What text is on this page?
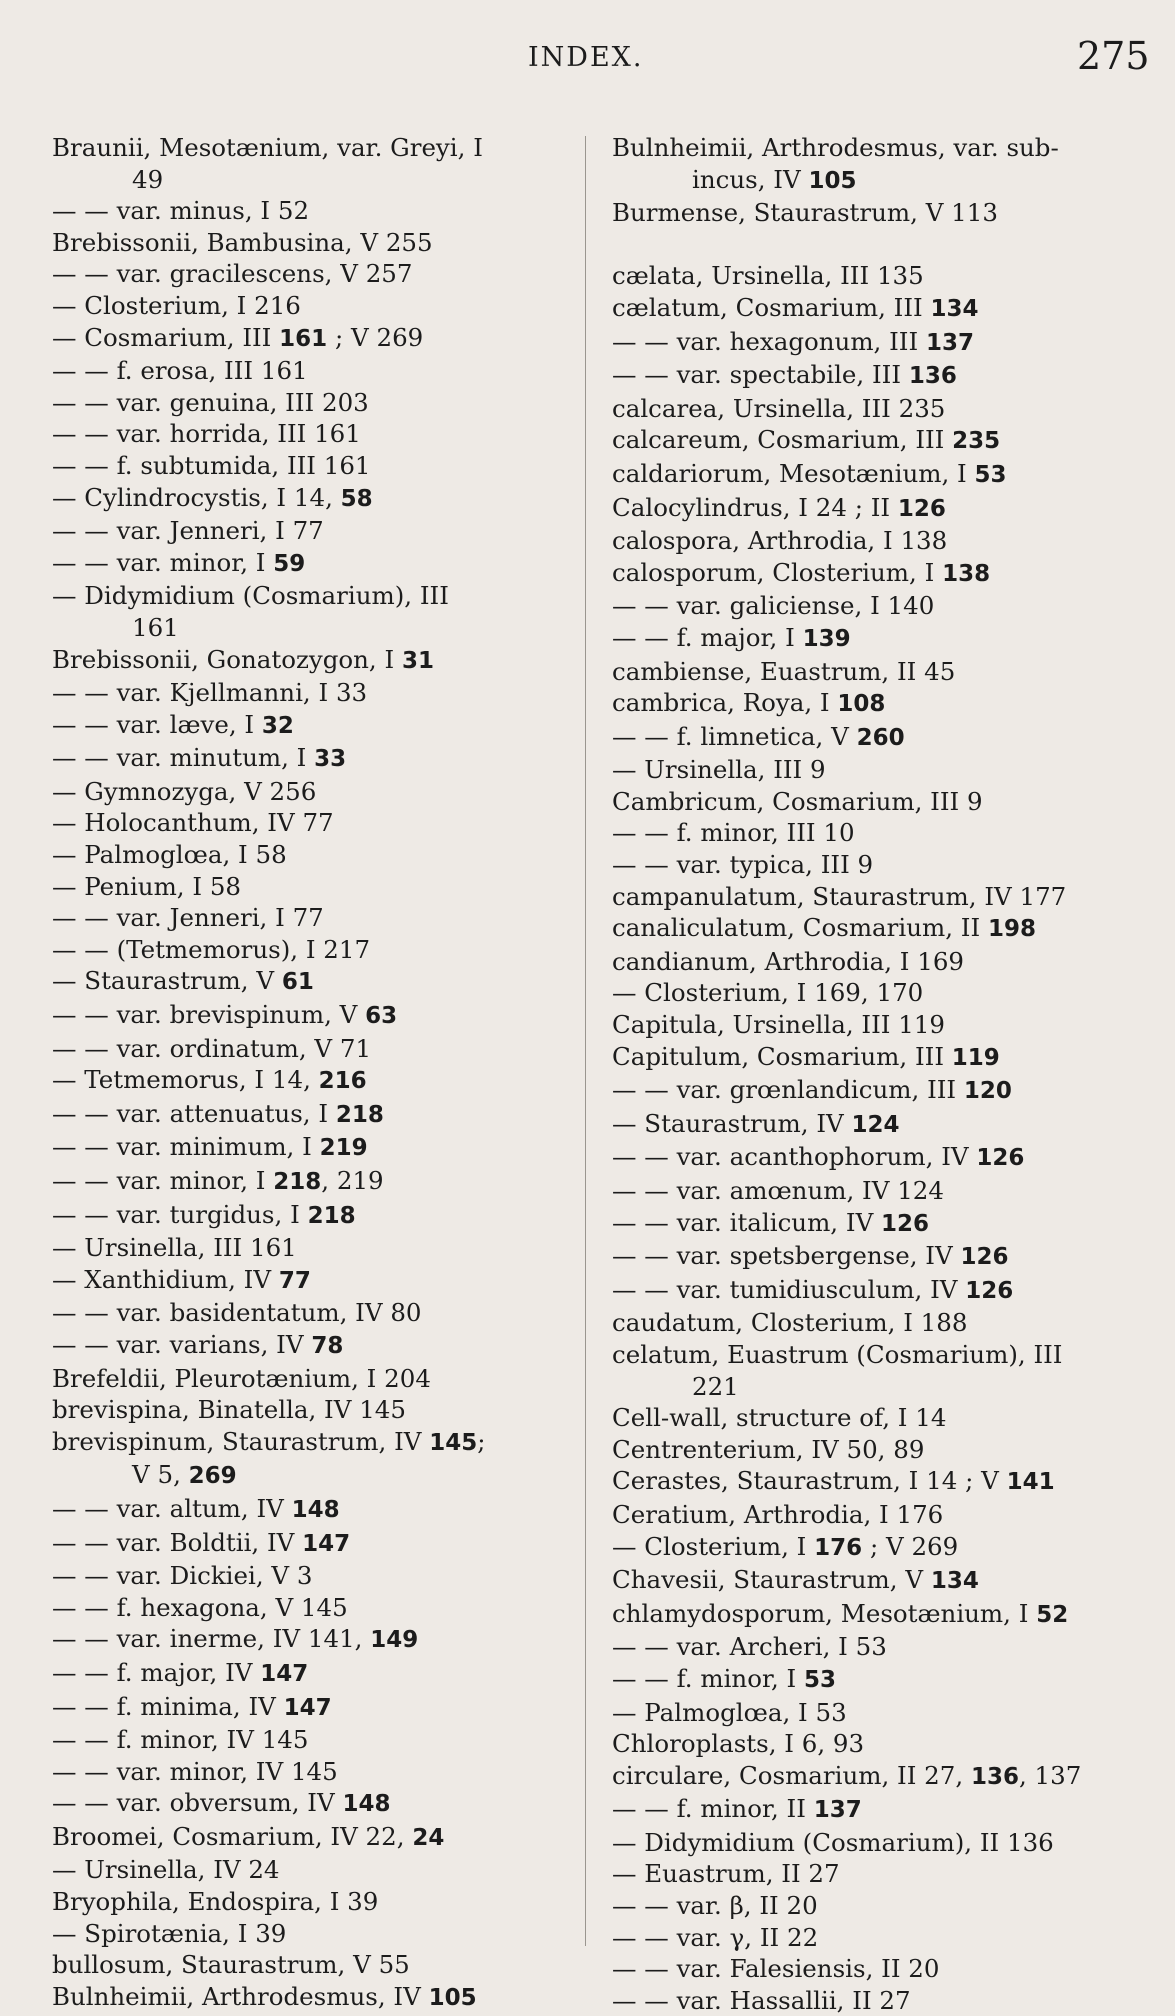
INDEX.	275
Braunii, Mesotænium, var. Greyi, I
49
— — var. minus, I 52
Brebissonii, Bambusina, V 255
— — var. gracilescens, V 257
— Closterium, I 216
— Cosmarium, III 161 ; V 269
— — f. erosa, III 161
— — var. genuina, III 203
— — var. horrida, III 161
— — f. subtumida, III 161
— Cylindrocystis, I 14, 58
— — var. Jenneri, I 77
— — var. minor, I 59
— Didymidium (Cosmarium), III
161
Brebissonii, Gonatozygon, I 31
— — var. Kjellmanni, I 33
— — var. læve, I 32
— — var. minutum, I 33
— Gymnozyga, V 256
— Holocanthum, IV 77
— Palmoglœa, I 58
— Penium, I 58
— — var. Jenneri, I 77
— — (Tetmemorus), I 217
— Staurastrum, V 61
— — var. brevispinum, V 63
— — var. ordinatum, V 71
— Tetmemorus, I 14, 216
— — var. attenuatus, I 218
— — var. minimum, I 219
— — var. minor, I 218, 219
— — var. turgidus, I 218
— Ursinella, III 161
— Xanthidium, IV 77
— — var. basidentatum, IV 80
— — var. varians, IV 78
Brefeldii, Pleurotænium, I 204
brevispina, Binatella, IV 145
brevispinum, Staurastrum, IV 145;
V 5, 269
— — var. altum, IV 148
— — var. Boldtii, IV 147
— — var. Dickiei, V 3
— — f. hexagona, V 145
— — var. inerme, IV 141, 149
— — f. major, IV 147
— — f. minima, IV 147
— — f. minor, IV 145
— — var. minor, IV 145
— — var. obversum, IV 148
Broomei, Cosmarium, IV 22, 24
— Ursinella, IV 24
Bryophila, Endospira, I 39
— Spirotænia, I 39
bullosum, Staurastrum, V 55
Bulnheimii, Arthrodesmus, IV 105
Bulnheimii, Arthrodesmus, var. sub-
incus, IV 105
Burmense, Staurastrum, V 113
cælata, Ursinella, III 135
cælatum, Cosmarium, III 134
— — var. hexagonum, III 137
— — var. spectabile, III 136
calcarea, Ursinella, III 235
calcareum, Cosmarium, III 235
caldariorum, Mesotænium, I 53
Calocylindrus, I 24 ; II 126
calospora, Arthrodia, I 138
calosporum, Closterium, I 138
— — var. galiciense, I 140
— — f. major, I 139
cambiense, Euastrum, II 45
cambrica, Roya, I 108
— — f. limnetica, V 260
— Ursinella, III 9
Cambricum, Cosmarium, III 9
— — f. minor, III 10
— — var. typica, III 9
campanulatum, Staurastrum, IV 177
canaliculatum, Cosmarium, II 198
candianum, Arthrodia, I 169
— Closterium, I 169, 170
Capitula, Ursinella, III 119
Capitulum, Cosmarium, III 119
— — var. grœnlandicum, III 120
— Staurastrum, IV 124
— — var. acanthophorum, IV 126
— — var. amœnum, IV 124
— — var. italicum, IV 126
— — var. spetsbergense, IV 126
— — var. tumidiusculum, IV 126
caudatum, Closterium, I 188
celatum, Euastrum (Cosmarium), III
221
Cell-wall, structure of, I 14
Centrenterium, IV 50, 89
Cerastes, Staurastrum, I 14 ; V 141
Ceratium, Arthrodia, I 176
— Closterium, I 176 ; V 269
Chavesii, Staurastrum, V 134
chlamydosporum, Mesotænium, I 52
— — var. Archeri, I 53
— — f. minor, I 53
— Palmoglœa, I 53
Chloroplasts, I 6, 93
circulare, Cosmarium, II 27, 136, 137
— — f. minor, II 137
— Didymidium (Cosmarium), II 136
— Euastrum, II 27
— — var. β, II 20
— — var. γ, II 22
— — var. Falesiensis, II 20
— — var. Hassallii, II 27
